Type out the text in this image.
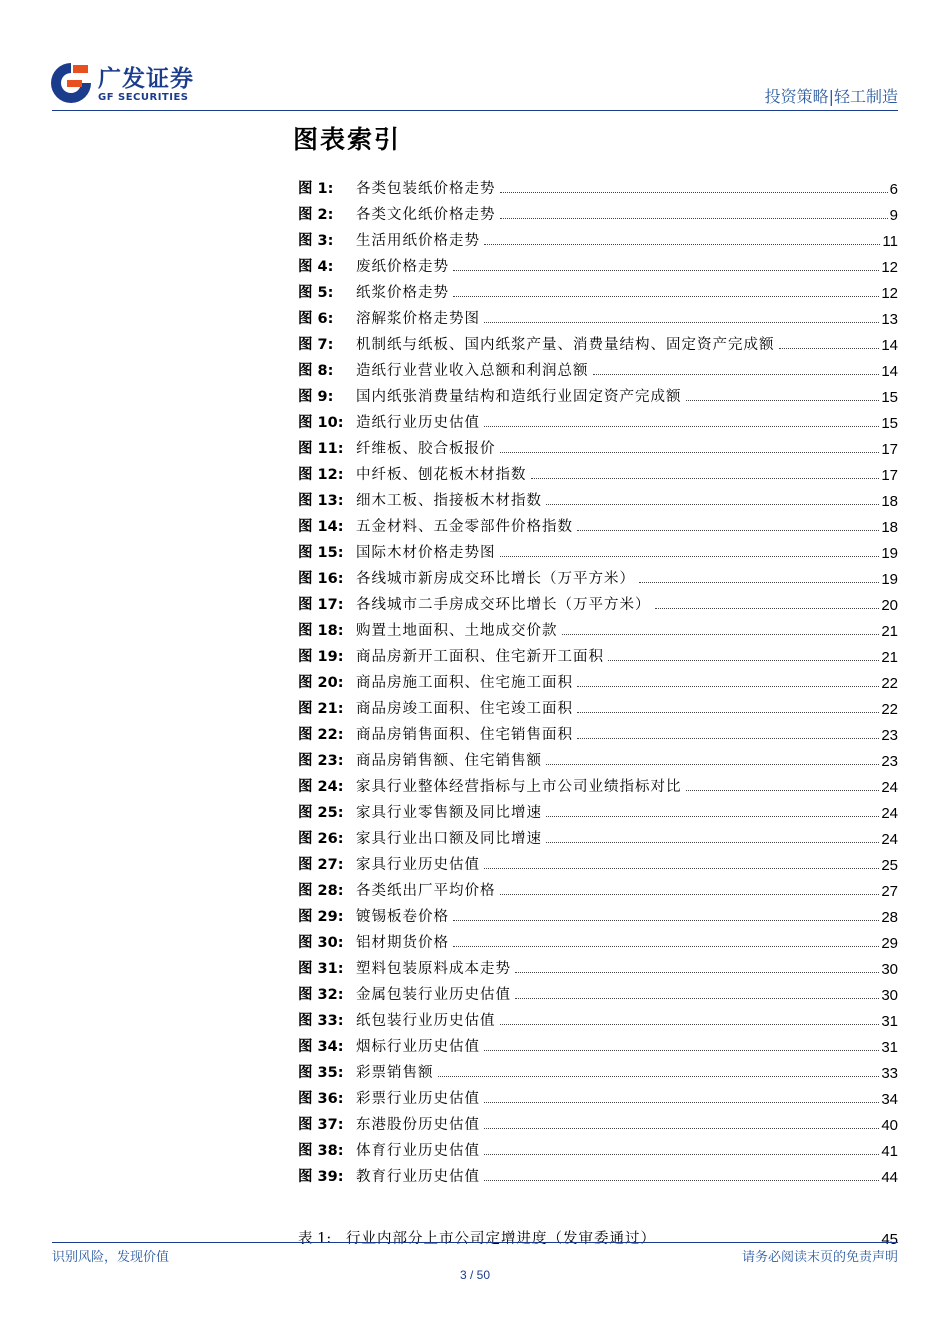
广发证券
GF SECURITIES	投资策略|轻工制造
图表索引
图 1:	各类包装纸价格走势	6
图 2:	各类文化纸价格走势	9
图 3:	生活用纸价格走势	11
图 4:	废纸价格走势	12
图 5:	纸浆价格走势	12
图 6:	溶解浆价格走势图	13
图 7:	机制纸与纸板、国内纸浆产量、消费量结构、固定资产完成额	14
图 8:	造纸行业营业收入总额和利润总额	14
图 9:	国内纸张消费量结构和造纸行业固定资产完成额	15
图 10: 造纸行业历史估值	15
图 11: 纤维板、胶合板报价	17
图 12: 中纤板、刨花板木材指数	17
图 13: 细木工板、指接板木材指数	18
图 14: 五金材料、五金零部件价格指数	18
图 15: 国际木材价格走势图	19
图 16: 各线城市新房成交环比增长（万平方米）	19
图 17: 各线城市二手房成交环比增长（万平方米）	20
图 18: 购置土地面积、土地成交价款	21
图 19: 商品房新开工面积、住宅新开工面积	21
图 20: 商品房施工面积、住宅施工面积	22
图 21: 商品房竣工面积、住宅竣工面积	22
图 22: 商品房销售面积、住宅销售面积	23
图 23: 商品房销售额、住宅销售额	23
图 24: 家具行业整体经营指标与上市公司业绩指标对比	24
图 25: 家具行业零售额及同比增速	24
图 26: 家具行业出口额及同比增速	24
图 27: 家具行业历史估值	25
图 28: 各类纸出厂平均价格	27
图 29: 镀锡板卷价格	28
图 30: 铝材期货价格	29
图 31: 塑料包装原料成本走势	30
图 32: 金属包装行业历史估值	30
图 33: 纸包装行业历史估值	31
图 34: 烟标行业历史估值	31
图 35: 彩票销售额	33
图 36: 彩票行业历史估值	34
图 37: 东港股份历史估值	40
图 38: 体育行业历史估值	41
图 39: 教育行业历史估值	44
表 1:	行业内部分上市公司定增进度（发审委通过）	45
识别风险，发现价值	请务必阅读末页的免责声明
3 / 50
